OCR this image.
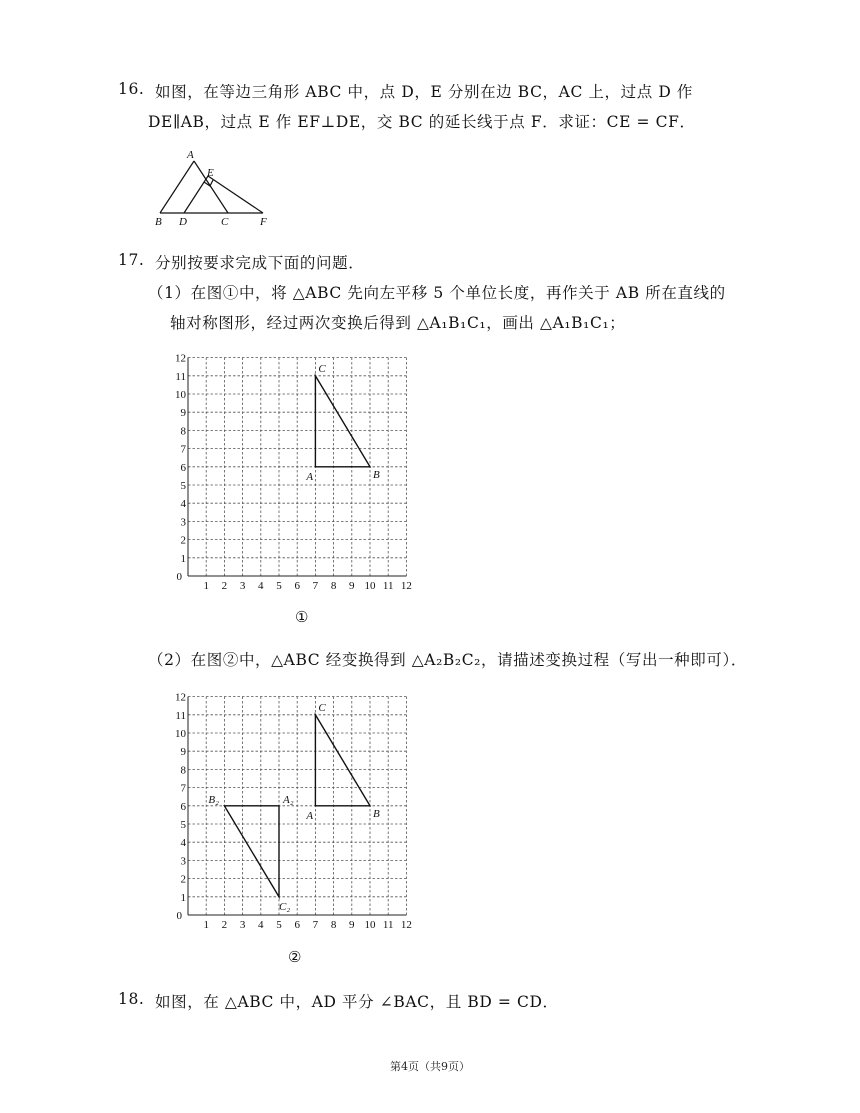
16. 如图，在等边三角形 ABC 中，点 D，E 分别在边 BC，AC 上，过点 D 作
DE∥AB，过点 E 作 EF⊥DE，交 BC 的延长线于点 F．求证：CE = CF．
A
E
B D	C	F
17. 分别按要求完成下面的问题．
（1）在图①中，将 △ABC 先向左平移 5 个单位长度，再作关于 AB 所在直线的
轴对称图形，经过两次变换后得到 △A₁B₁C₁，画出 △A₁B₁C₁；
1 2 3 4 5 6 7 8 9 10 11 12
1
2
3
4
5
6
7
8
9
10
11
12
0
A	B
C
①
（2）在图②中，△ABC 经变换得到 △A₂B₂C₂，请描述变换过程（写出一种即可）．
1 2 3 4 5 6 7 8 9 10 11 12
1
2
3
4
5
6
7
8
9
10
11
12
0
A	B
C
A₂
B₂
C₂
②
18. 如图，在 △ABC 中，AD 平分 ∠BAC，且 BD = CD．
第4页（共9页）
